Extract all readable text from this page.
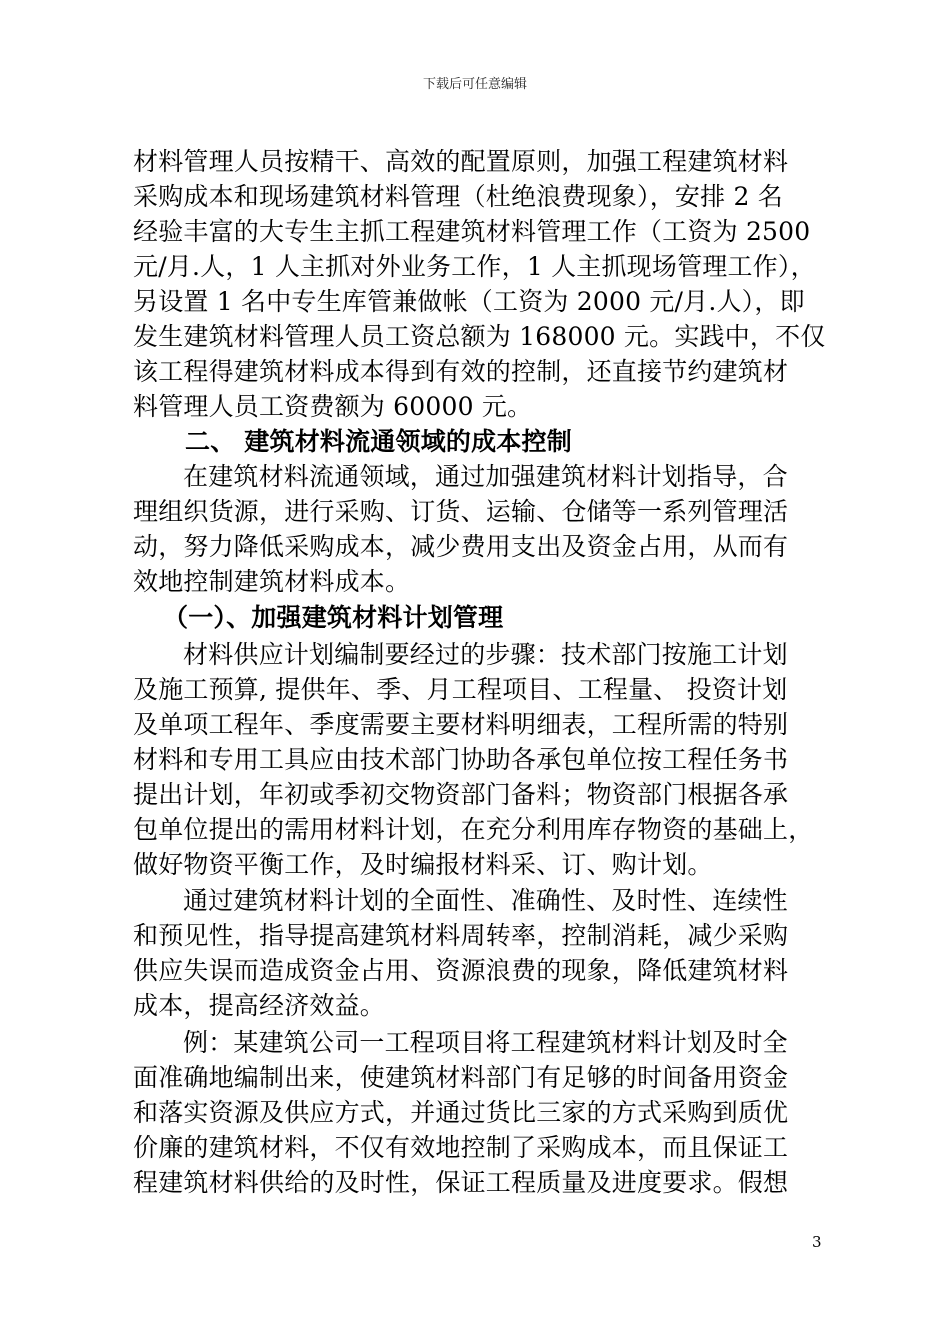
下载后可任意编辑
材料管理人员按精干、高效的配置原则，加强工程建筑材料
采购成本和现场建筑材料管理（杜绝浪费现象），安排 2 名
经验丰富的大专生主抓工程建筑材料管理工作（工资为 2500
元/月.人，1 人主抓对外业务工作，1 人主抓现场管理工作），
另设置 1 名中专生库管兼做帐（工资为 2000 元/月.人），即
发生建筑材料管理人员工资总额为 168000 元。实践中，不仅
该工程得建筑材料成本得到有效的控制，还直接节约建筑材
料管理人员工资费额为 60000 元。
二、 建筑材料流通领域的成本控制
在建筑材料流通领域，通过加强建筑材料计划指导，合
理组织货源，进行采购、订货、运输、仓储等一系列管理活
动，努力降低采购成本，减少费用支出及资金占用，从而有
效地控制建筑材料成本。
（一）、加强建筑材料计划管理
材料供应计划编制要经过的步骤：技术部门按施工计划
及施工预算, 提供年、季、月工程项目、工程量、 投资计划
及单项工程年、季度需要主要材料明细表，工程所需的特别
材料和专用工具应由技术部门协助各承包单位按工程任务书
提出计划，年初或季初交物资部门备料；物资部门根据各承
包单位提出的需用材料计划，在充分利用库存物资的基础上，
做好物资平衡工作，及时编报材料采、订、购计划。
通过建筑材料计划的全面性、准确性、及时性、连续性
和预见性，指导提高建筑材料周转率，控制消耗，减少采购
供应失误而造成资金占用、资源浪费的现象，降低建筑材料
成本，提高经济效益。
例：某建筑公司一工程项目将工程建筑材料计划及时全
面准确地编制出来，使建筑材料部门有足够的时间备用资金
和落实资源及供应方式，并通过货比三家的方式采购到质优
价廉的建筑材料，不仅有效地控制了采购成本，而且保证工
程建筑材料供给的及时性，保证工程质量及进度要求。假想
3
